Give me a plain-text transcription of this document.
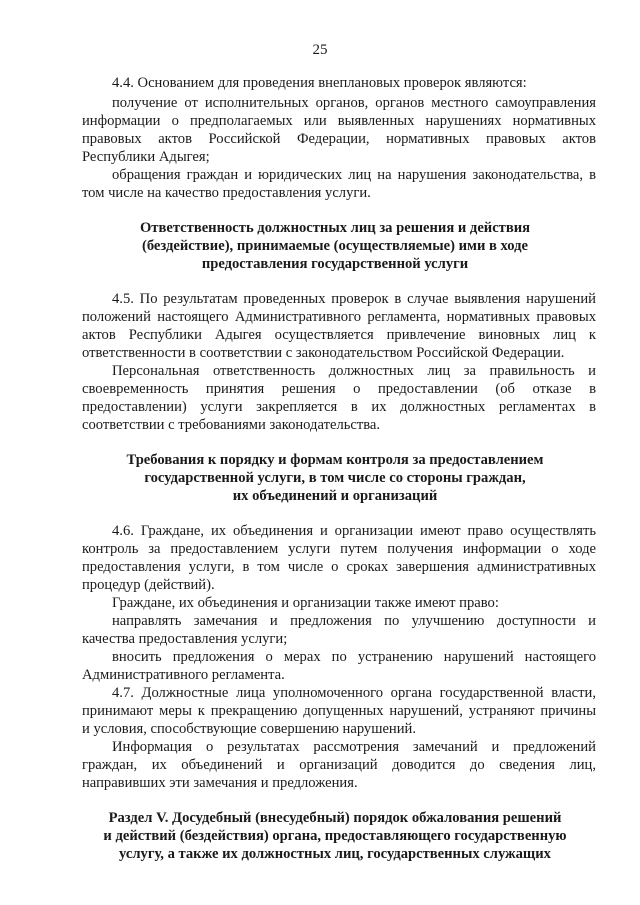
25
4.4. Основанием для проведения внеплановых проверок являются:
получение от исполнительных органов, органов местного самоуправления
информации о предполагаемых или выявленных нарушениях нормативных
правовых актов Российской Федерации, нормативных правовых актов
Республики Адыгея;
обращения граждан и юридических лиц на нарушения законодательства, в
том числе на качество предоставления услуги.
Ответственность должностных лиц за решения и действия
(бездействие), принимаемые (осуществляемые) ими в ходе
предоставления государственной услуги
4.5. По результатам проведенных проверок в случае выявления нарушений
положений настоящего Административного регламента, нормативных правовых
актов Республики Адыгея осуществляется привлечение виновных лиц к
ответственности в соответствии с законодательством Российской Федерации.
Персональная ответственность должностных лиц за правильность и
своевременность принятия решения о предоставлении (об отказе в
предоставлении) услуги закрепляется в их должностных регламентах в
соответствии с требованиями законодательства.
Требования к порядку и формам контроля за предоставлением
государственной услуги, в том числе со стороны граждан,
их объединений и организаций
4.6. Граждане, их объединения и организации имеют право осуществлять
контроль за предоставлением услуги путем получения информации о ходе
предоставления услуги, в том числе о сроках завершения административных
процедур (действий).
Граждане, их объединения и организации также имеют право:
направлять замечания и предложения по улучшению доступности и
качества предоставления услуги;
вносить предложения о мерах по устранению нарушений настоящего
Административного регламента.
4.7. Должностные лица уполномоченного органа государственной власти,
принимают меры к прекращению допущенных нарушений, устраняют причины
и условия, способствующие совершению нарушений.
Информация о результатах рассмотрения замечаний и предложений
граждан, их объединений и организаций доводится до сведения лиц,
направивших эти замечания и предложения.
Раздел V. Досудебный (внесудебный) порядок обжалования решений
и действий (бездействия) органа, предоставляющего государственную
услугу, а также их должностных лиц, государственных служащих
